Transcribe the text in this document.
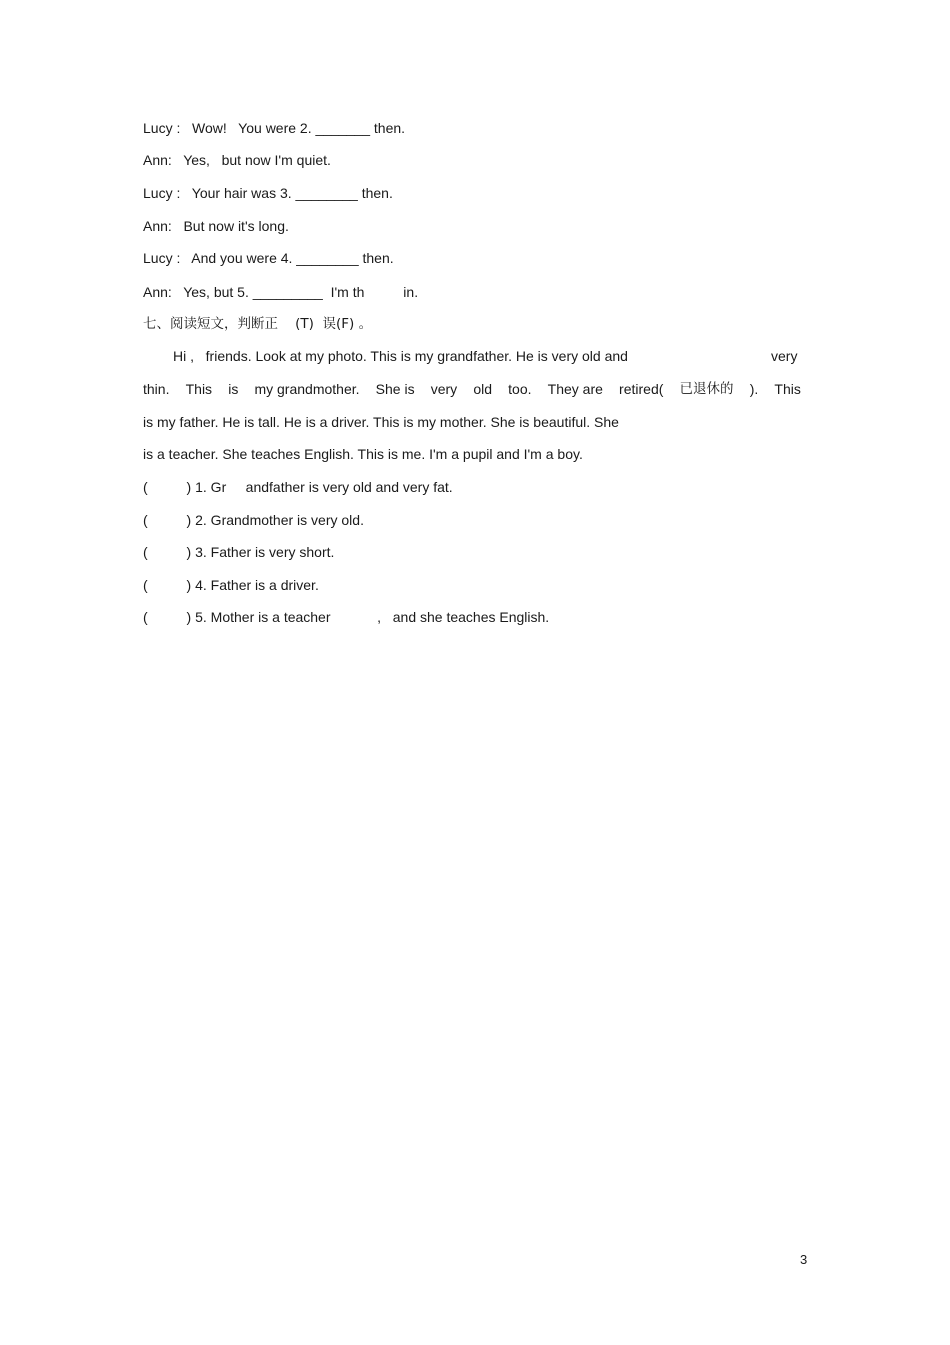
Lucy :   Wow!   You were 2. _______ then.
Ann:   Yes,   but now I'm quiet.
Lucy :   Your hair was 3. ________ then.
Ann:   But now it's long.
Lucy :   And you were 4. ________ then.
Ann:   Yes, but 5. _________  I'm th          in.
七、阅读短文，判断正    (T)  误(F) 。
Hi ,   friends. Look at my photo. This is my grandfather. He is very old and	very
thin. This is my grandmother. She is very old too. They are retired( 已退休的 ). This
is my father. He is tall. He is a driver. This is my mother. She is beautiful. She
is a teacher. She teaches English. This is me. I'm a pupil and I'm a boy.
(          ) 1. Gr     andfather is very old and very fat.
(          ) 2. Grandmother is very old.
(          ) 3. Father is very short.
(          ) 4. Father is a driver.
(          ) 5. Mother is a teacher            ,   and she teaches English.
3
